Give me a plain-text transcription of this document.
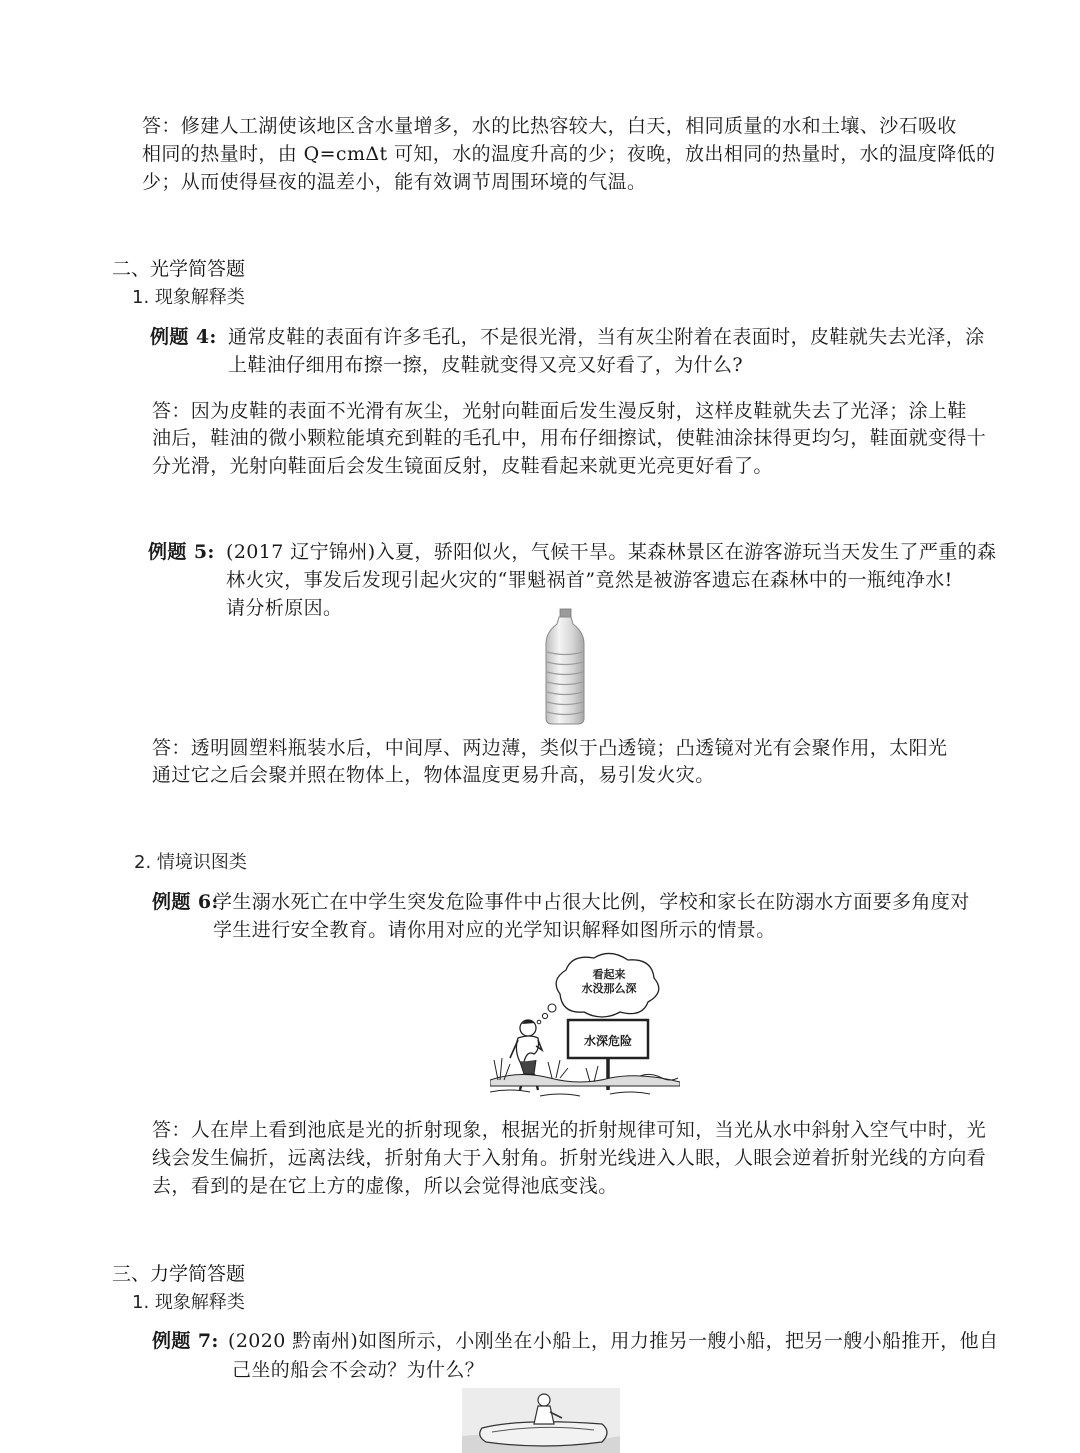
答：修建人工湖使该地区含水量增多，水的比热容较大，白天，相同质量的水和土壤、沙石吸收
相同的热量时，由 Q=cmΔt 可知，水的温度升高的少；夜晚，放出相同的热量时，水的温度降低的
少；从而使得昼夜的温差小，能有效调节周围环境的气温。
二、光学简答题
1. 现象解释类
例题 4: 通常皮鞋的表面有许多毛孔，不是很光滑，当有灰尘附着在表面时，皮鞋就失去光泽，涂
上鞋油仔细用布擦一擦，皮鞋就变得又亮又好看了，为什么?
答：因为皮鞋的表面不光滑有灰尘，光射向鞋面后发生漫反射，这样皮鞋就失去了光泽；涂上鞋
油后，鞋油的微小颗粒能填充到鞋的毛孔中，用布仔细擦试，使鞋油涂抹得更均匀，鞋面就变得十
分光滑，光射向鞋面后会发生镜面反射，皮鞋看起来就更光亮更好看了。
例题 5: (2017 辽宁锦州)入夏，骄阳似火，气候干旱。某森林景区在游客游玩当天发生了严重的森
林火灾，事发后发现引起火灾的“罪魁祸首”竟然是被游客遗忘在森林中的一瓶纯净水!
请分析原因。
答：透明圆塑料瓶装水后，中间厚、两边薄，类似于凸透镜；凸透镜对光有会聚作用，太阳光
通过它之后会聚并照在物体上，物体温度更易升高，易引发火灾。
2. 情境识图类
例题 6:
学生溺水死亡在中学生突发危险事件中占很大比例，学校和家长在防溺水方面要多角度对
学生进行安全教育。请你用对应的光学知识解释如图所示的情景。
看起来
水没那么深
水深危险
答：人在岸上看到池底是光的折射现象，根据光的折射规律可知，当光从水中斜射入空气中时，光
线会发生偏折，远离法线，折射角大于入射角。折射光线进入人眼，人眼会逆着折射光线的方向看
去，看到的是在它上方的虚像，所以会觉得池底变浅。
三、力学简答题
1. 现象解释类
例题 7: (2020 黔南州)如图所示，小刚坐在小船上，用力推另一艘小船，把另一艘小船推开，他自
己坐的船会不会动？为什么？
